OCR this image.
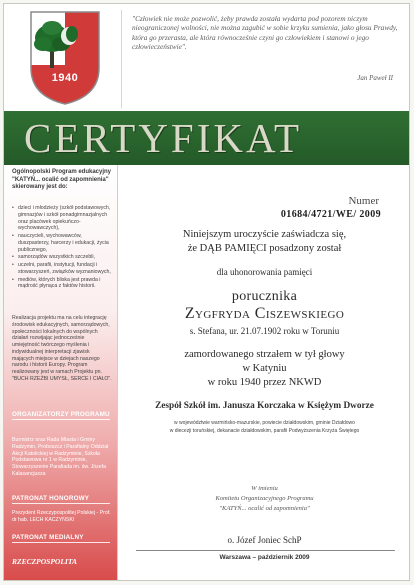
1940
"Człowiek nie może pozwolić, żeby prawda została wydarta pod pozorem niczym nieograniczonej wolności, nie można zagubić w sobie krzyku sumienia, jako głosu Prawdy, która go przerasta, ale która równocześnie czyni go człowiekiem i stanowi o jego człowieczeństwie".
Jan Paweł II
CERTYFIKAT
Ogólnopolski Program edukacyjny "KATYŃ... ocalić od zapomnienia" skierowany jest do:
• dzieci i młodzieży (szkół podstawowych, gimnazjów i szkół ponadgimnazjalnych oraz placówek opiekuńczo-wychowawczych),
• nauczycieli, wychowawców, duszpasterzy, harcerzy i edukacji, życia publicznego,
• samorządów wszystkich szczebli,
• uczelni, parafii, instytucji, fundacji i stowarzyszeń, związków wyznaniowych,
• mediów, których bliska jest prawda i mądrość płynąca z faktów historii.
Realizacja projektu ma na celu integrację środowisk edukacyjnych, samorządowych, społeczności lokalnych do wspólnych działań rozwijając jednocześnie umiejętność twórczego myślenia i indywidualnej interpretacji zjawisk mających miejsce w dziejach naszego narodu i historii Europy. Program realizowany jest w ramach Projektu pn. "BUCH RZEŹBI UMYSŁ, SERCE I CIAŁO".
ORGANIZATORZY PROGRAMU
Burmistrz oraz Rada Miasta i Gminy Radzymin, Proboszcz i Parafialny Oddział Akcji Katolickiej w Radzyminie, Szkoła Podstawowa nr 1 w Radzyminie, Stowarzyszenie Parafiada im. św. Józefa Kalasancjusza
PATRONAT HONOROWY
Prezydent Rzeczypospolitej Polskiej - Prof. dr hab. LECH KACZYŃSKI
PATRONAT MEDIALNY
RZECZPOSPOLITA
Numer
01684/4721/WE/ 2009
Niniejszym uroczyście zaświadcza się,
że DĄB PAMIĘCI posadzony został
dla uhonorowania pamięci
porucznika
Zygfryda Ciszewskiego
s. Stefana, ur. 21.07.1902 roku w Toruniu
zamordowanego strzałem w tył głowy
w Katyniu
w roku 1940 przez NKWD
Zespół Szkół im. Janusza Korczaka w Księżym Dworze
w województwie warmińsko-mazurskie, powiecie działdowskim, gminie Działdowo
w diecezji toruńskiej, dekanacie działdowskim, parafii Podwyższenia Krzyża Świętego
W imieniu
Komitetu Organizacyjnego Programu
"KATYŃ... ocalić od zapomnienia"
o. Józef Joniec SchP
Warszawa – październik 2009
